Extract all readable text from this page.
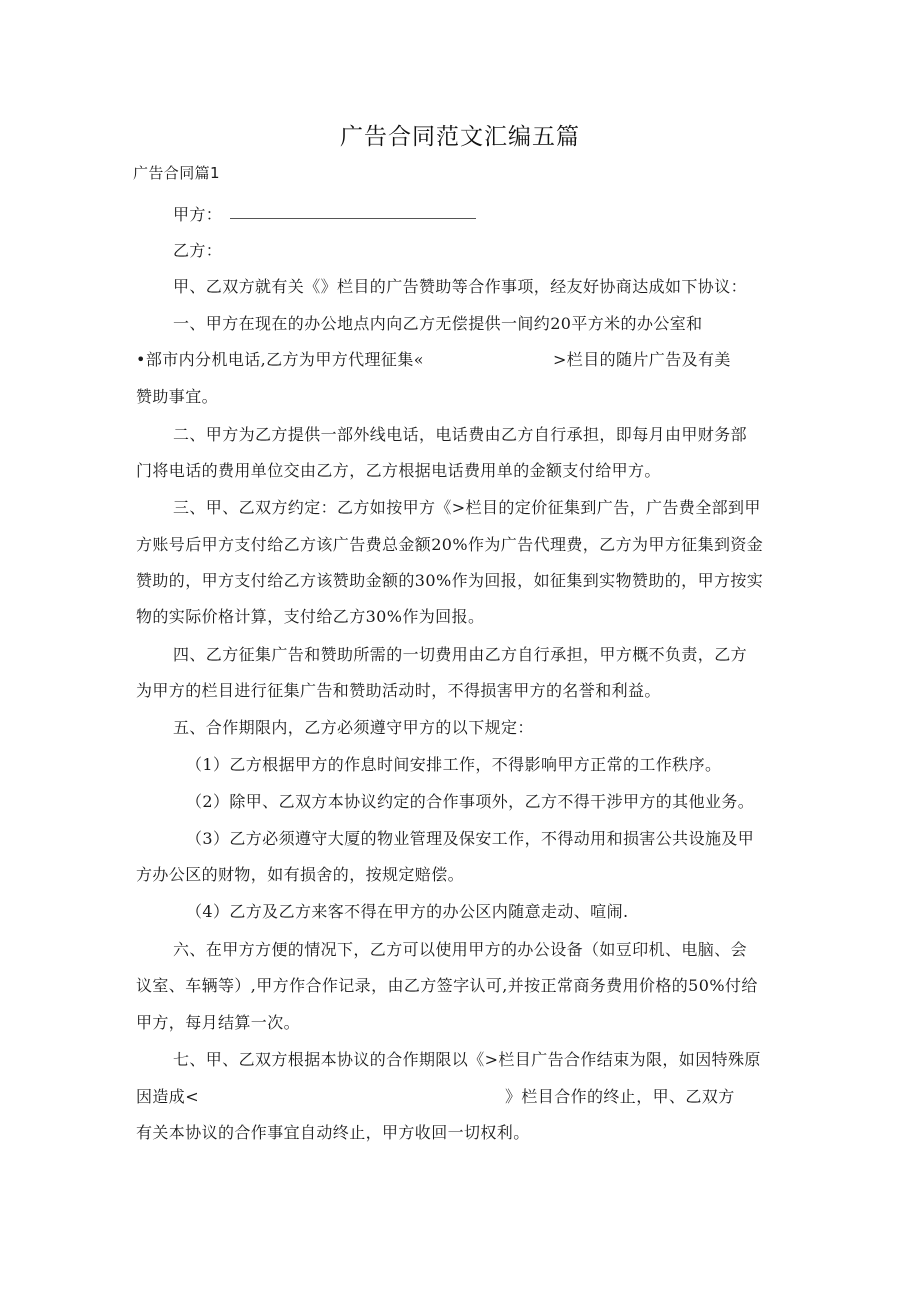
广告合同范文汇编五篇
广告合同篇1
甲方：
乙方：
甲、乙双方就有关《》栏目的广告赞助等合作事项，经友好协商达成如下协议：
一、甲方在现在的办公地点内向乙方无偿提供一间约20平方米的办公室和
•部市内分机电话,乙方为甲方代理征集«	>栏目的随片广告及有美
赞助事宜。
二、甲方为乙方提供一部外线电话，电话费由乙方自行承担，即每月由甲财务部
门将电话的费用单位交由乙方，乙方根据电话费用单的金额支付给甲方。
三、甲、乙双方约定：乙方如按甲方《>栏目的定价征集到广告，广告费全部到甲
方账号后甲方支付给乙方该广告费总金额20%作为广告代理费，乙方为甲方征集到资金
赞助的，甲方支付给乙方该赞助金额的30%作为回报，如征集到实物赞助的，甲方按实
物的实际价格计算，支付给乙方30%作为回报。
四、乙方征集广告和赞助所需的一切费用由乙方自行承担，甲方概不负责，乙方
为甲方的栏目进行征集广告和赞助活动时，不得损害甲方的名誉和利益。
五、合作期限内，乙方必须遵守甲方的以下规定：
（1）乙方根据甲方的作息时间安排工作，不得影响甲方正常的工作秩序。
（2）除甲、乙双方本协议约定的合作事项外，乙方不得干涉甲方的其他业务。
（3）乙方必须遵守大厦的物业管理及保安工作，不得动用和损害公共设施及甲
方办公区的财物，如有损舍的，按规定赔偿。
（4）乙方及乙方来客不得在甲方的办公区内随意走动、喧闹.
六、在甲方方便的情况下，乙方可以使用甲方的办公设备（如豆印机、电脑、会
议室、车辆等）,甲方作合作记录，由乙方签字认可,并按正常商务费用价格的50%付给
甲方，每月结算一次。
七、甲、乙双方根据本协议的合作期限以《>栏目广告合作结束为限，如因特殊原
因造成<	》栏目合作的终止，甲、乙双方
有关本协议的合作事宜自动终止，甲方收回一切权利。
